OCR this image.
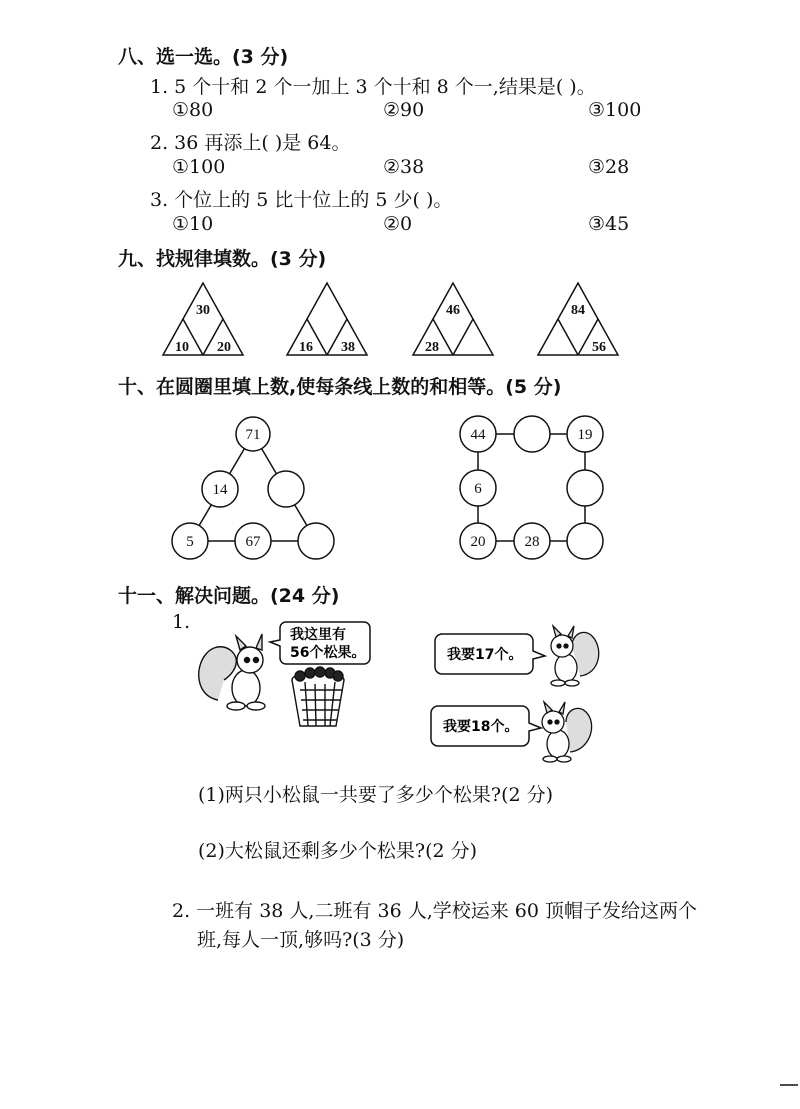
八、选一选。(3 分)
1. 5 个十和 2 个一加上 3 个十和 8 个一,结果是( )。
①80	②90	③100
2. 36 再添上( )是 64。
①100	②38	③28
3. 个位上的 5 比十位上的 5 少( )。
①10	②0	③45
九、找规律填数。(3 分)
30
10 20	16 38
46
28
84
56
71
14
5	67
44	19
6
20	28
我这里有
56个松果。	我要17个。
我要18个。
十、在圆圈里填上数,使每条线上数的和相等。(5 分)
十一、解决问题。(24 分)
1.
(1)两只小松鼠一共要了多少个松果?(2 分)
(2)大松鼠还剩多少个松果?(2 分)
2. 一班有 38 人,二班有 36 人,学校运来 60 顶帽子发给这两个
班,每人一顶,够吗?(3 分)
